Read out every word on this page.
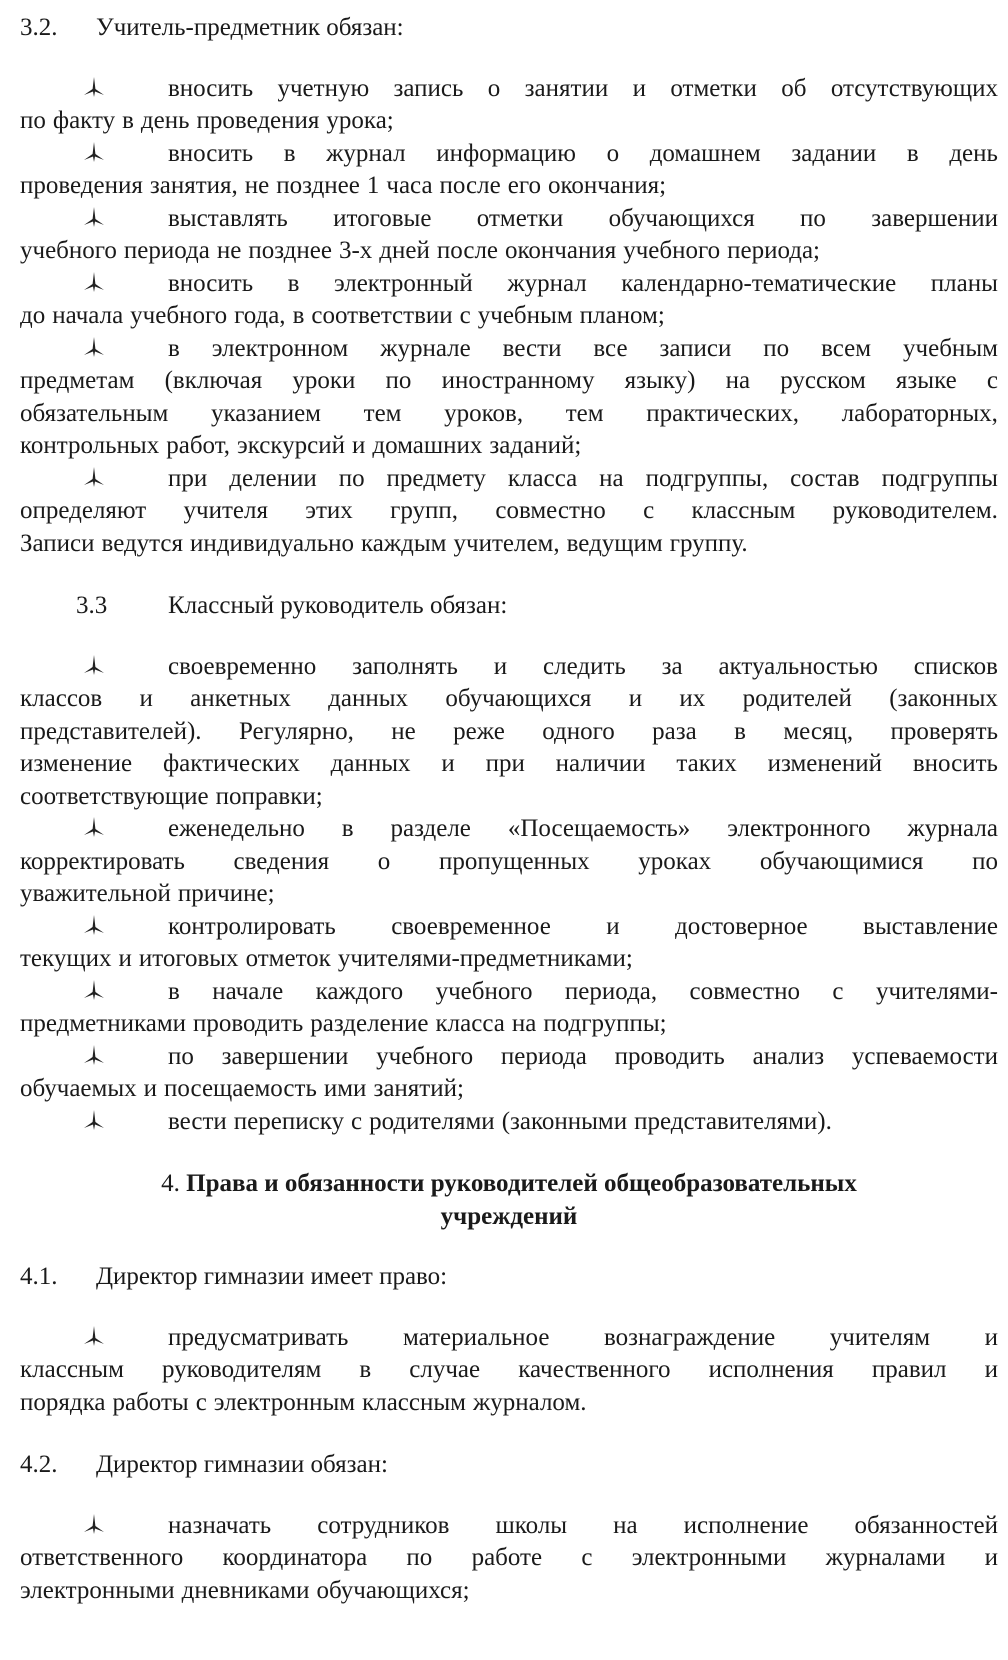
3.2.	Учитель-предметник обязан:
вносить учетную запись о занятии и отметки об отсутствующих
по факту в день проведения урока;
вносить в журнал информацию о домашнем задании в день
проведения занятия, не позднее 1 часа после его окончания;
выставлять итоговые отметки обучающихся по завершении
учебного периода не позднее 3-х дней после окончания учебного периода;
вносить в электронный журнал календарно-тематические планы
до начала учебного года, в соответствии с учебным планом;
в электронном журнале вести все записи по всем учебным
предметам (включая уроки по иностранному языку) на русском языке с
обязательным указанием тем уроков, тем практических, лабораторных,
контрольных работ, экскурсий и домашних заданий;
при делении по предмету класса на подгруппы, состав подгруппы
определяют учителя этих групп, совместно с классным руководителем.
Записи ведутся индивидуально каждым учителем, ведущим группу.
3.3	Классный руководитель обязан:
своевременно заполнять и следить за актуальностью списков
классов и анкетных данных обучающихся и их родителей (законных
представителей). Регулярно, не реже одного раза в месяц, проверять
изменение фактических данных и при наличии таких изменений вносить
соответствующие поправки;
еженедельно в разделе «Посещаемость» электронного журнала
корректировать сведения о пропущенных уроках обучающимися по
уважительной причине;
контролировать своевременное и достоверное выставление
текущих и итоговых отметок учителями-предметниками;
в начале каждого учебного периода, совместно с учителями-
предметниками проводить разделение класса на подгруппы;
по завершении учебного периода проводить анализ успеваемости
обучаемых и посещаемость ими занятий;
вести переписку с родителями (законными представителями).
4. Права и обязанности руководителей общеобразовательных
учреждений
4.1.	Директор гимназии имеет право:
предусматривать материальное вознаграждение учителям и
классным руководителям в случае качественного исполнения правил и
порядка работы с электронным классным журналом.
4.2.	Директор гимназии обязан:
назначать сотрудников школы на исполнение обязанностей
ответственного координатора по работе с электронными журналами и
электронными дневниками обучающихся;
